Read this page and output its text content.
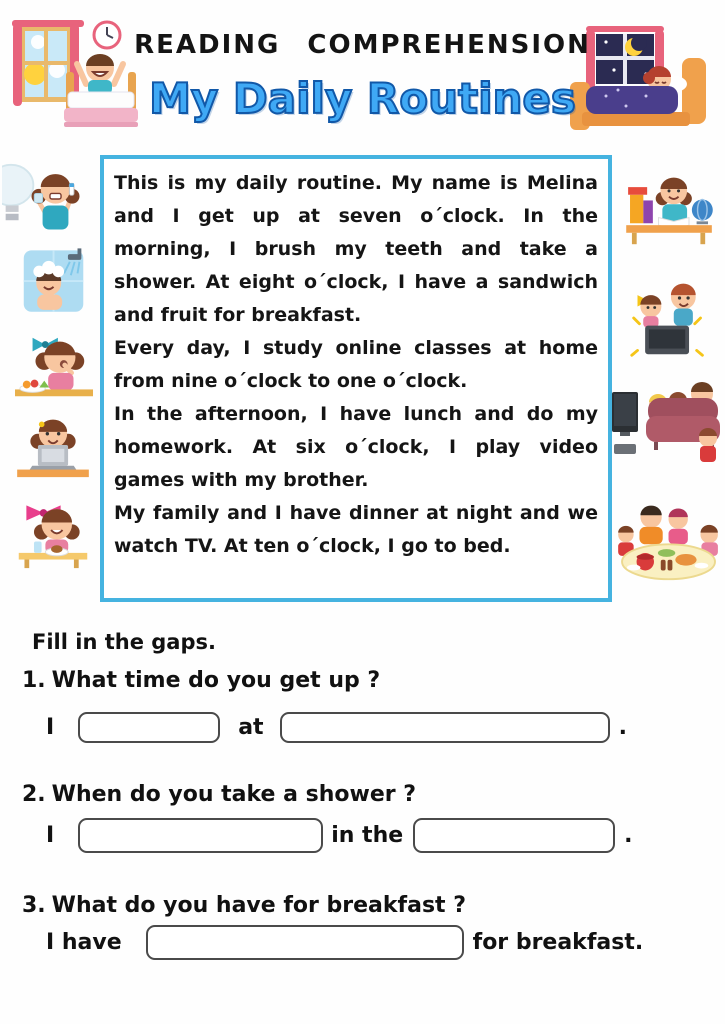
READING COMPREHENSION
My Daily Routines

This is my daily routine. My name is Melina and I get up at seven o´clock. In the morning, I brush my teeth and take a shower. At eight o´clock, I have a sandwich and fruit for breakfast.

Every day, I study online classes at home from nine o´clock to one o´clock.

In the afternoon, I have lunch and do my homework. At six o´clock, I play video games with my brother.

My family and I have dinner at night and we watch TV. At ten o´clock, I go to bed.

Fill in the gaps.
1. What time do you get up ?
I	at	.
2. When do you take a shower ?
I	in the	.
3. What do you have for breakfast ?
I have	for breakfast.
